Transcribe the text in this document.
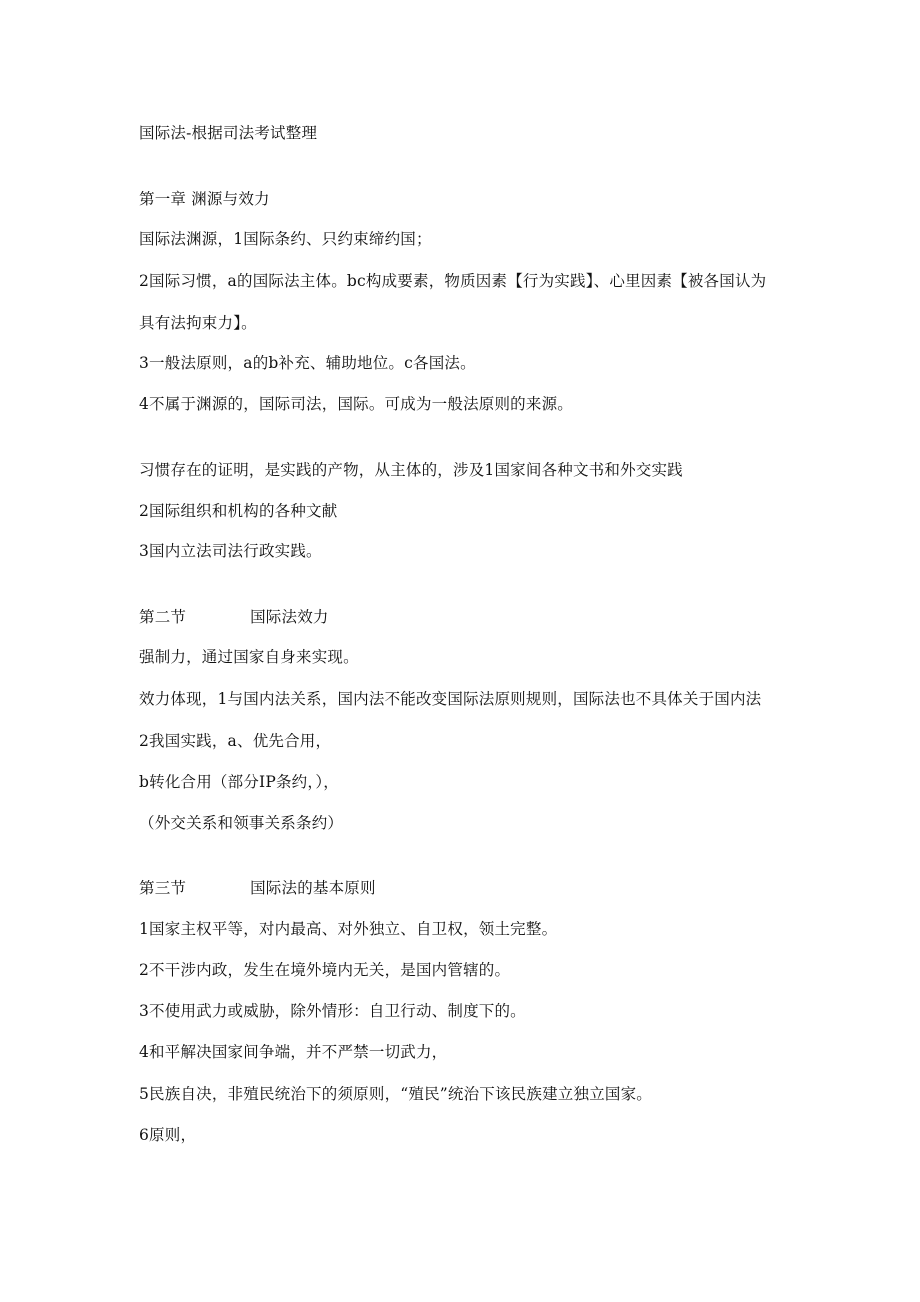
国际法-根据司法考试整理
第一章 渊源与效力
国际法渊源，1国际条约、只约束缔约国；
2国际习惯，a的国际法主体。bc构成要素，物质因素【行为实践】、心里因素【被各国认为
具有法拘束力】。
3一般法原则，a的b补充、辅助地位。c各国法。
4不属于渊源的，国际司法，国际。可成为一般法原则的来源。
习惯存在的证明，是实践的产物，从主体的，涉及1国家间各种文书和外交实践
2国际组织和机构的各种文献
3国内立法司法行政实践。
第二节	国际法效力
强制力，通过国家自身来实现。
效力体现，1与国内法关系，国内法不能改变国际法原则规则，国际法也不具体关于国内法
2我国实践，a、优先合用，
b转化合用（部分IP条约，），
（外交关系和领事关系条约）
第三节	国际法的基本原则
1国家主权平等，对内最高、对外独立、自卫权，领土完整。
2不干涉内政，发生在境外境内无关，是国内管辖的。
3不使用武力或威胁，除外情形：自卫行动、制度下的。
4和平解决国家间争端，并不严禁一切武力，
5民族自决，非殖民统治下的须原则，“殖民”统治下该民族建立独立国家。
6原则，
